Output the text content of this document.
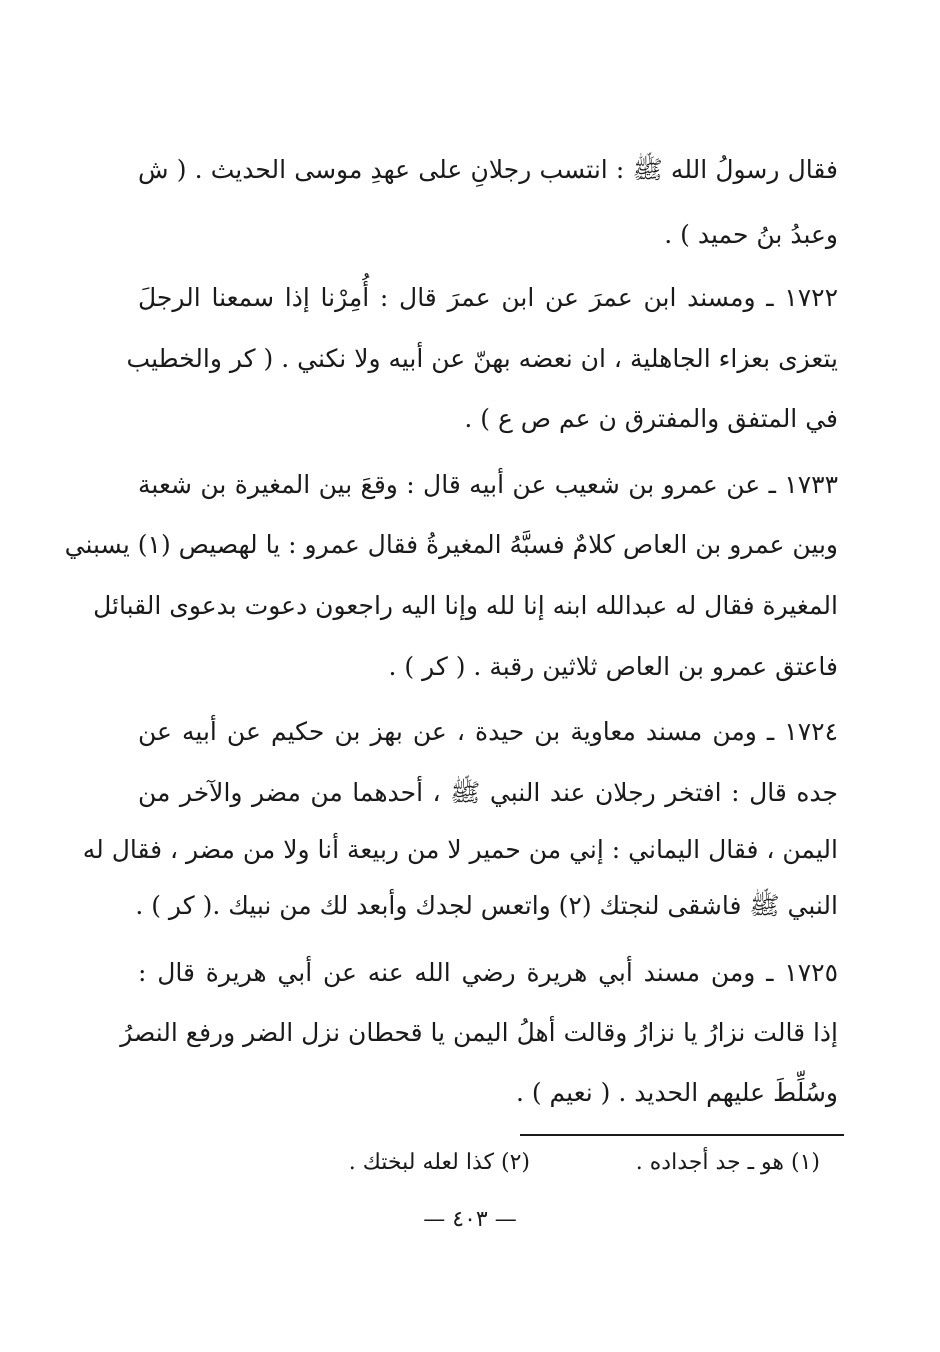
فقال رسولُ الله ﷺ : انتسب رجلانِ على عهدِ موسى الحديث . ( ش
وعبدُ بنُ حميد ) .
١٧٢٢ ـ ومسند ابن عمرَ عن ابن عمرَ قال : أُمِرْنا إذا سمعنا الرجلَ
يتعزى بعزاء الجاهلية ، ان نعضه بهنّ عن أبيه ولا نكني . ( كر والخطيب
في المتفق والمفترق ن عم ص ع ) .
١٧٣٣ ـ عن عمرو بن شعيب عن أبيه قال : وقعَ بين المغيرة بن شعبة
وبين عمرو بن العاص كلامٌ فسبَّهُ المغيرةُ فقال عمرو : يا لهصيص (١) يسبني
المغيرة فقال له عبدالله ابنه إنا لله وإنا اليه راجعون دعوت بدعوى القبائل
فاعتق عمرو بن العاص ثلاثين رقبة . ( كر ) .
١٧٢٤ ـ ومن مسند معاوية بن حيدة ، عن بهز بن حكيم عن أبيه عن
جده قال : افتخر رجلان عند النبي ﷺ ، أحدهما من مضر والآخر من
اليمن ، فقال اليماني : إني من حمير لا من ربيعة أنا ولا من مضر ، فقال له
النبي ﷺ فاشقى لنجتك (٢) واتعس لجدك وأبعد لك من نبيك .( كر ) .
١٧٢٥ ـ ومن مسند أبي هريرة رضي الله عنه عن أبي هريرة قال :
إذا قالت نزارُ يا نزارُ وقالت أهلُ اليمن يا قحطان نزل الضر ورفع النصرُ
وسُلِّطَ عليهم الحديد . ( نعيم ) .
(١) هو ـ جد أجداده .
(٢) كذا لعله لبختك .
— ٤٠٣ —
